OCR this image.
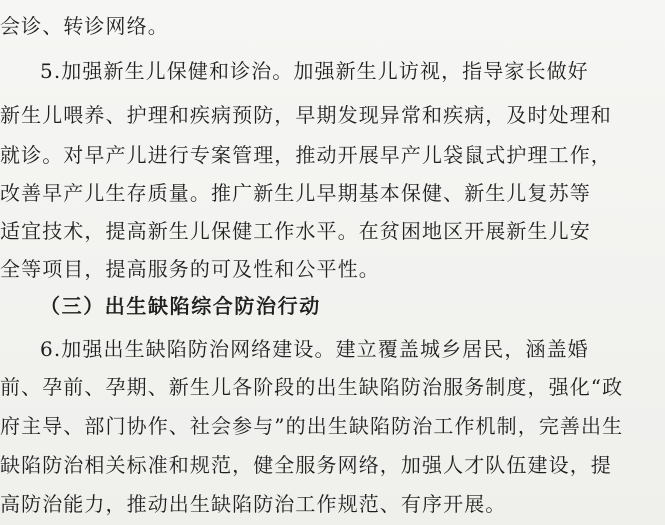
会诊、转诊网络。
5.加强新生儿保健和诊治。加强新生儿访视，指导家长做好
新生儿喂养、护理和疾病预防，早期发现异常和疾病，及时处理和
就诊。对早产儿进行专案管理，推动开展早产儿袋鼠式护理工作，
改善早产儿生存质量。推广新生儿早期基本保健、新生儿复苏等
适宜技术，提高新生儿保健工作水平。在贫困地区开展新生儿安
全等项目，提高服务的可及性和公平性。
（三）出生缺陷综合防治行动
6.加强出生缺陷防治网络建设。建立覆盖城乡居民，涵盖婚
前、孕前、孕期、新生儿各阶段的出生缺陷防治服务制度，强化“政
府主导、部门协作、社会参与”的出生缺陷防治工作机制，完善出生
缺陷防治相关标准和规范，健全服务网络，加强人才队伍建设，提
高防治能力，推动出生缺陷防治工作规范、有序开展。
